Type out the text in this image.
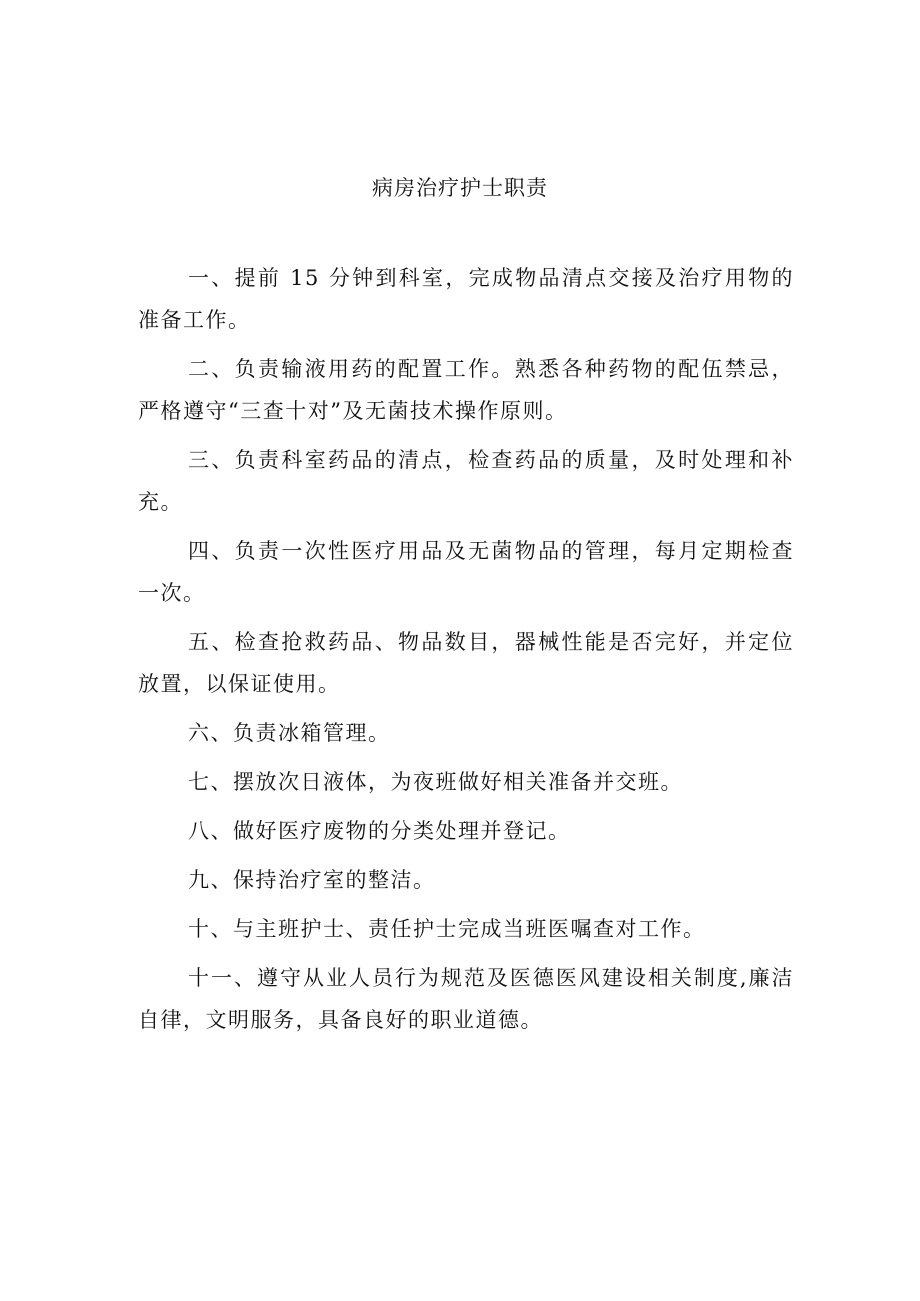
病房治疗护士职责

一、提前 15 分钟到科室，完成物品清点交接及治疗用物的准备工作。

二、负责输液用药的配置工作。熟悉各种药物的配伍禁忌，严格遵守“三查十对”及无菌技术操作原则。

三、负责科室药品的清点，检查药品的质量，及时处理和补充。

四、负责一次性医疗用品及无菌物品的管理，每月定期检查一次。

五、检查抢救药品、物品数目，器械性能是否完好，并定位放置，以保证使用。

六、负责冰箱管理。

七、摆放次日液体，为夜班做好相关准备并交班。

八、做好医疗废物的分类处理并登记。

九、保持治疗室的整洁。

十、与主班护士、责任护士完成当班医嘱查对工作。

十一、遵守从业人员行为规范及医德医风建设相关制度,廉洁自律，文明服务，具备良好的职业道德。
